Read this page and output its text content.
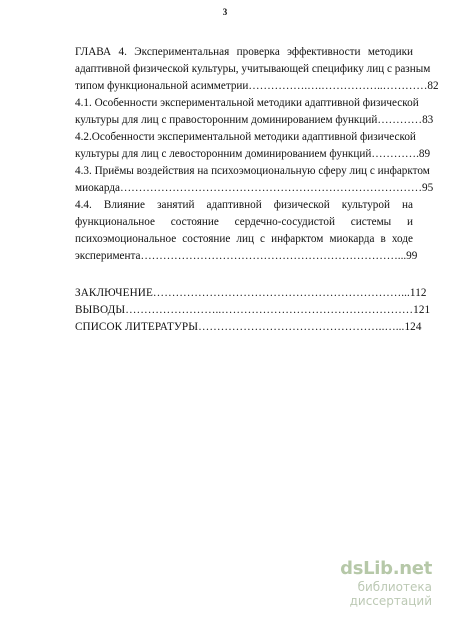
3
ГЛАВА 4. Экспериментальная проверка эффективности методики
адаптивной физической культуры, учитывающей специфику лиц с разным
типом функциональной асимметрии…………….….……………..…………82
4.1. Особенности экспериментальной методики адаптивной физической
культуры для лиц с правосторонним доминированием функций…………83
4.2.Особенности экспериментальной методики адаптивной физической
культуры для лиц с левосторонним доминированием функций………….89
4.3. Приёмы воздействия на психоэмоциональную сферу лиц с инфарктом
миокарда………………………………………………………………………95
4.4. Влияние занятий адаптивной физической культурой на
функциональное состояние сердечно-сосудистой системы и
психоэмоциональное состояние лиц с инфарктом миокарда в ходе
эксперимента……………………………………………………………...99
ЗАКЛЮЧЕНИЕ…………………………………………………………...112
ВЫВОДЫ……………………..……………………………………………121
СПИСОК ЛИТЕРАТУРЫ…………………………………………..…...124
dsLib.net
библиотека диссертаций
